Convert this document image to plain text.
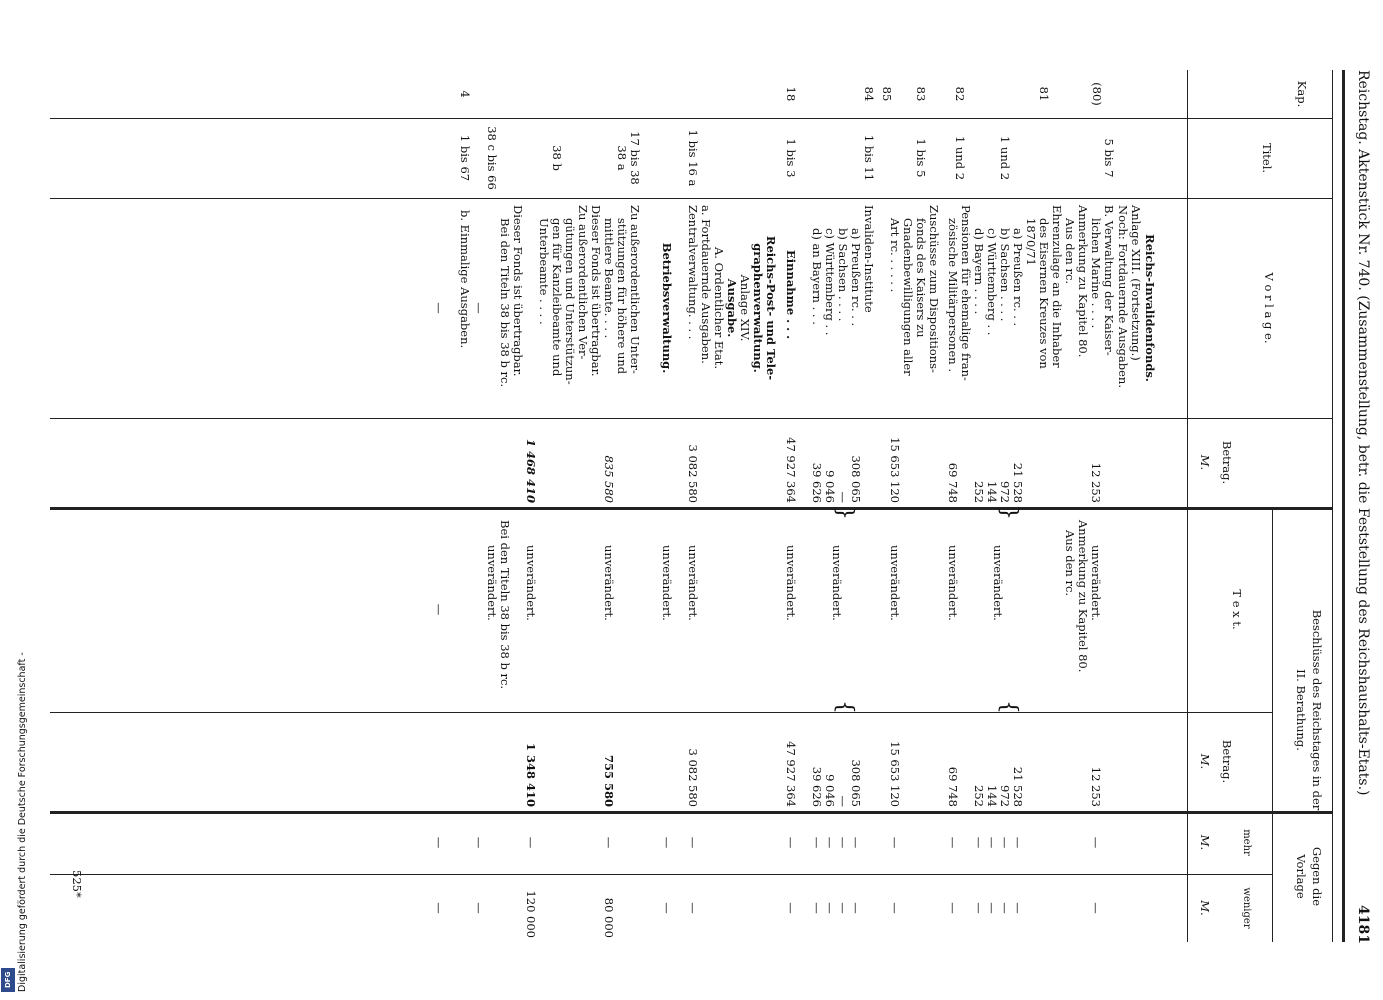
Reichstag. Aktenstück Nr. 740. (Zusammenstellung, betr. die Feststellung des Reichshaushalts-Etats.)
4181
Kap.
Titel.
V o r l a g e.
Betrag.
M.
Beschlüsse des Reichstages in der
II. Berathung.
T e x t.
Betrag.
M.
Gegen die
Vorlage
mehr
M.
weniger
M.
Reichs-Invalidenfonds.
Anlage XIII. (Fortsetzung.)
Noch: Fortdauernde Ausgaben.
(80)
5 bis 7
B. Verwaltung der Kaiser-
lichen Marine . . . .
Anmerkung zu Kapitel 80.
Aus den rc.
12 253
unverändert.
Anmerkung zu Kapitel 80.
Aus den rc.
12 253
—
—
81
1 und 2
Ehrenzulage an die Inhaber
des Eisernen Kreuzes von
1870/71
a) Preußen rc. . .
21 528
21 528
—
—
b) Sachsen . . . .
972
972
—
—
c) Württemberg . .
144
144
—
—
d) Bayern . . . .
252
252
—
—
}
unverändert.
{
82
1 und 2
Pensionen für ehemalige fran-
zösische Militärpersonen .
69 748
unverändert.
69 748
—
—
83
1 bis 5
Zuschüsse zum Dispositions-
fonds des Kaisers zu
Gnadenbewilligungen aller
Art rc. . . . . .
15 653 120
unverändert.
15 653 120
—
—
84
1 bis 11
Invaliden-Institute
a) Preußen rc. . .
308 065
308 065
—
—
b) Sachsen . . . .
—
—
—
—
c) Württemberg . .
9 046
9 046
—
—
d) an Bayern . . .
39 626
39 626
—
—
}
unverändert.
{
18
1 bis 3
Einnahme . . .
47 927 364
unverändert.
47 927 364
—
—
Reichs-Post- und Tele-
graphenverwaltung.
Anlage XIV.
Ausgabe.
A. Ordentlicher Etat.
a. Fortdauernde Ausgaben.
85
1 bis 16 a
Zentralverwaltung. . . .
3 082 580
unverändert.
3 082 580
—
—
Betriebsverwaltung.
unverändert.
—
—
17 bis 38
38 a
Zu außerordentlichen Unter-
stützungen für höhere und
mittlere Beamte. . . .
835 580
unverändert.
755 580
—
80 000
38 b
Dieser Fonds ist übertragbar.
Zu außerordentlichen Ver-
gütungen und Unterstützun-
gen für Kanzleibeamte und
Unterbeamte . . . .
1 468 410
unverändert.
1 348 410
—
120 000
38 c bis 66
Dieser Fonds ist übertragbar.
Bei den Titeln 38 bis 38 b rc.
—
Bei den Titeln 38 bis 38 b rc.
unverändert.
—
—
4
1 bis 67
b. Einmalige Ausgaben.
—
—
—
—
525*
Digitalisierung gefördert durch die Deutsche Forschungsgemeinschaft -
DFG
